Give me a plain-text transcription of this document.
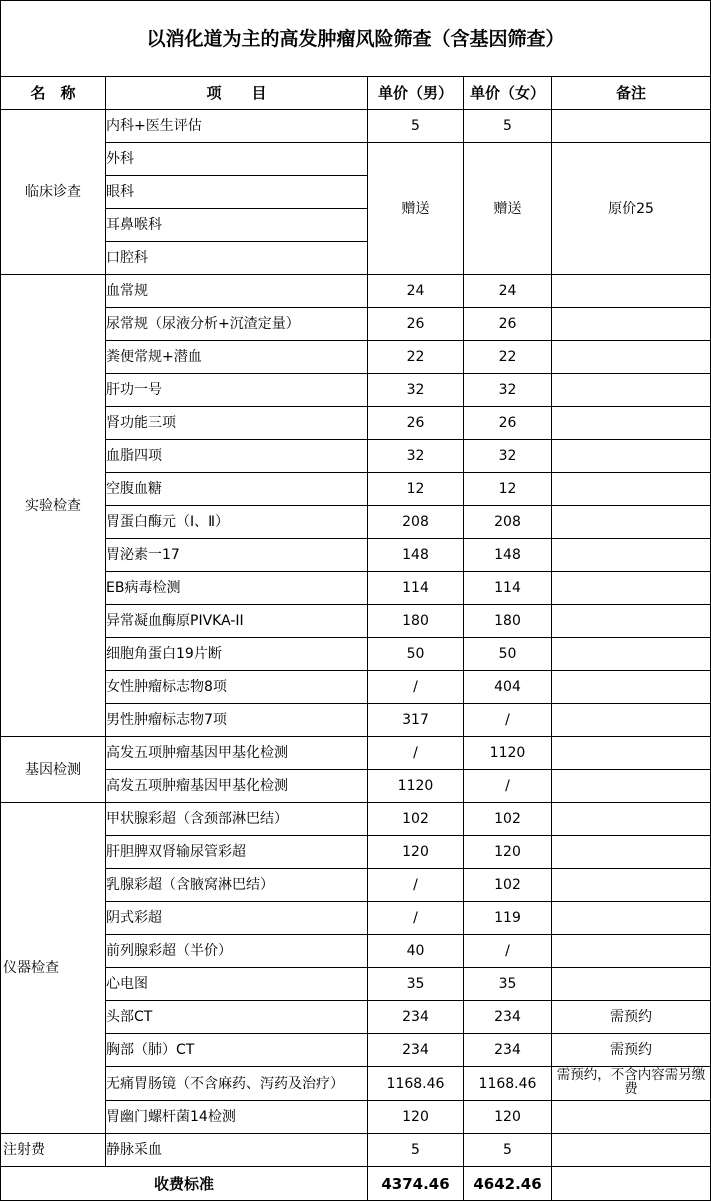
以消化道为主的高发肿瘤风险筛查（含基因筛查）				
名　称	项　　目	单价（男）	单价（女）	备注
临床诊查	内科+医生评估	5	5	
	外科	赠送	赠送	原价25
	眼科			
	耳鼻喉科			
	口腔科			
实验检查	血常规	24	24	
	尿常规（尿液分析+沉渣定量）	26	26	
	粪便常规+潜血	22	22	
	肝功一号	32	32	
	肾功能三项	26	26	
	血脂四项	32	32	
	空腹血糖	12	12	
	胃蛋白酶元（Ⅰ、Ⅱ）	208	208	
	胃泌素一17	148	148	
	EB病毒检测	114	114	
	异常凝血酶原PIVKA-II	180	180	
	细胞角蛋白19片断	50	50	
	女性肿瘤标志物8项	/	404	
	男性肿瘤标志物7项	317	/	
基因检测	高发五项肿瘤基因甲基化检测	/	1120	
	高发五项肿瘤基因甲基化检测	1120	/	
仪器检查	甲状腺彩超（含颈部淋巴结）	102	102	
	肝胆脾双肾输尿管彩超	120	120	
	乳腺彩超（含腋窝淋巴结）	/	102	
	阴式彩超	/	119	
	前列腺彩超（半价）	40	/	
	心电图	35	35	
	头部CT	234	234	需预约
	胸部（肺）CT	234	234	需预约
	无痛胃肠镜（不含麻药、泻药及治疗）	1168.46	1168.46	需预约，不含内容需另缴费
	胃幽门螺杆菌14检测	120	120	
注射费	静脉采血	5	5	
收费标准		4374.46	4642.46	
